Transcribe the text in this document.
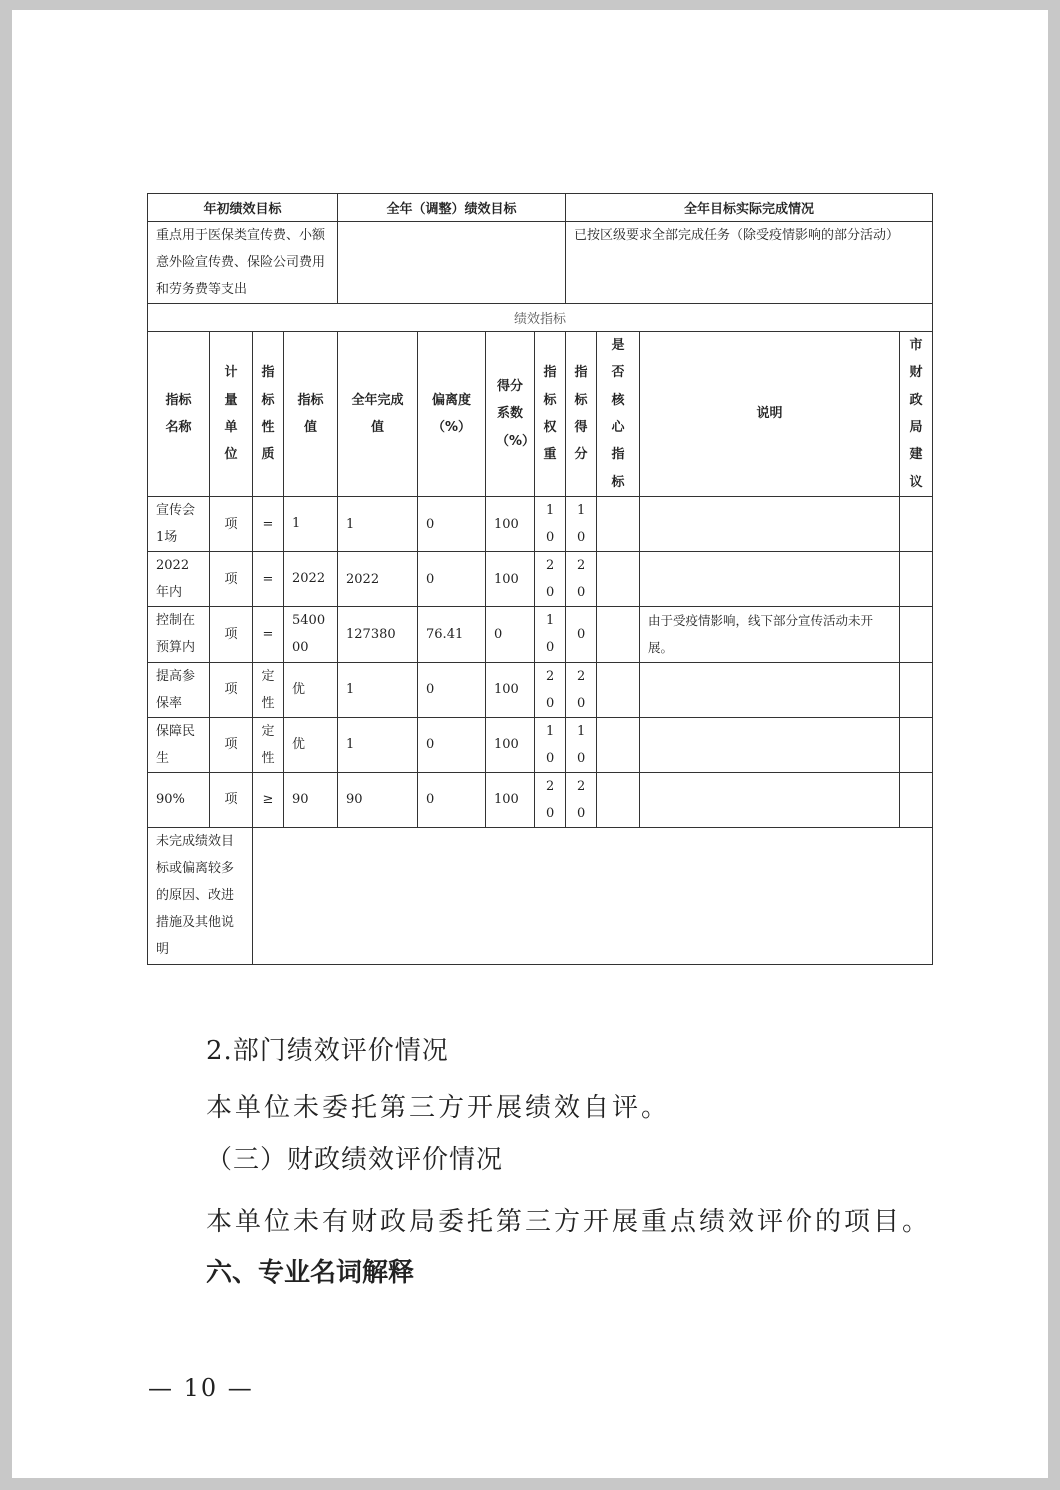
年初绩效目标				全年（调整）绩效目标				全年目标实际完成情况			
重点用于医保类宣传费、小额意外险宣传费、保险公司费用和劳务费等支出								已按区级要求全部完成任务（除受疫情影响的部分活动）			
绩效指标											

指标名称	计量单位	指标性质	指标值	全年完成值	偏离度（%）	得分系数（%）	指标权重	指标得分	是否核心指标	说明	市财政局建议

宣传会1场	项	=	1	1	0	100	10	10			

2022年内	项	=	2022	2022	0	100	20	20			

控制在预算内	项	=	540000	127380	76.41	0	10	0		由于受疫情影响，线下部分宣传活动未开展。	
提高参保率	项	定性	优	1	0	100	20	20			

保障民生	项	定性	优	1	0	100	10	10			

90%	项	≥	90	90	0	100	20	20			

未完成绩效目标或偏离较多的原因、改进措施及其他说明											
2.部门绩效评价情况
本单位未委托第三方开展绩效自评。
（三）财政绩效评价情况
本单位未有财政局委托第三方开展重点绩效评价的项目。
六、专业名词解释
— 10 —
